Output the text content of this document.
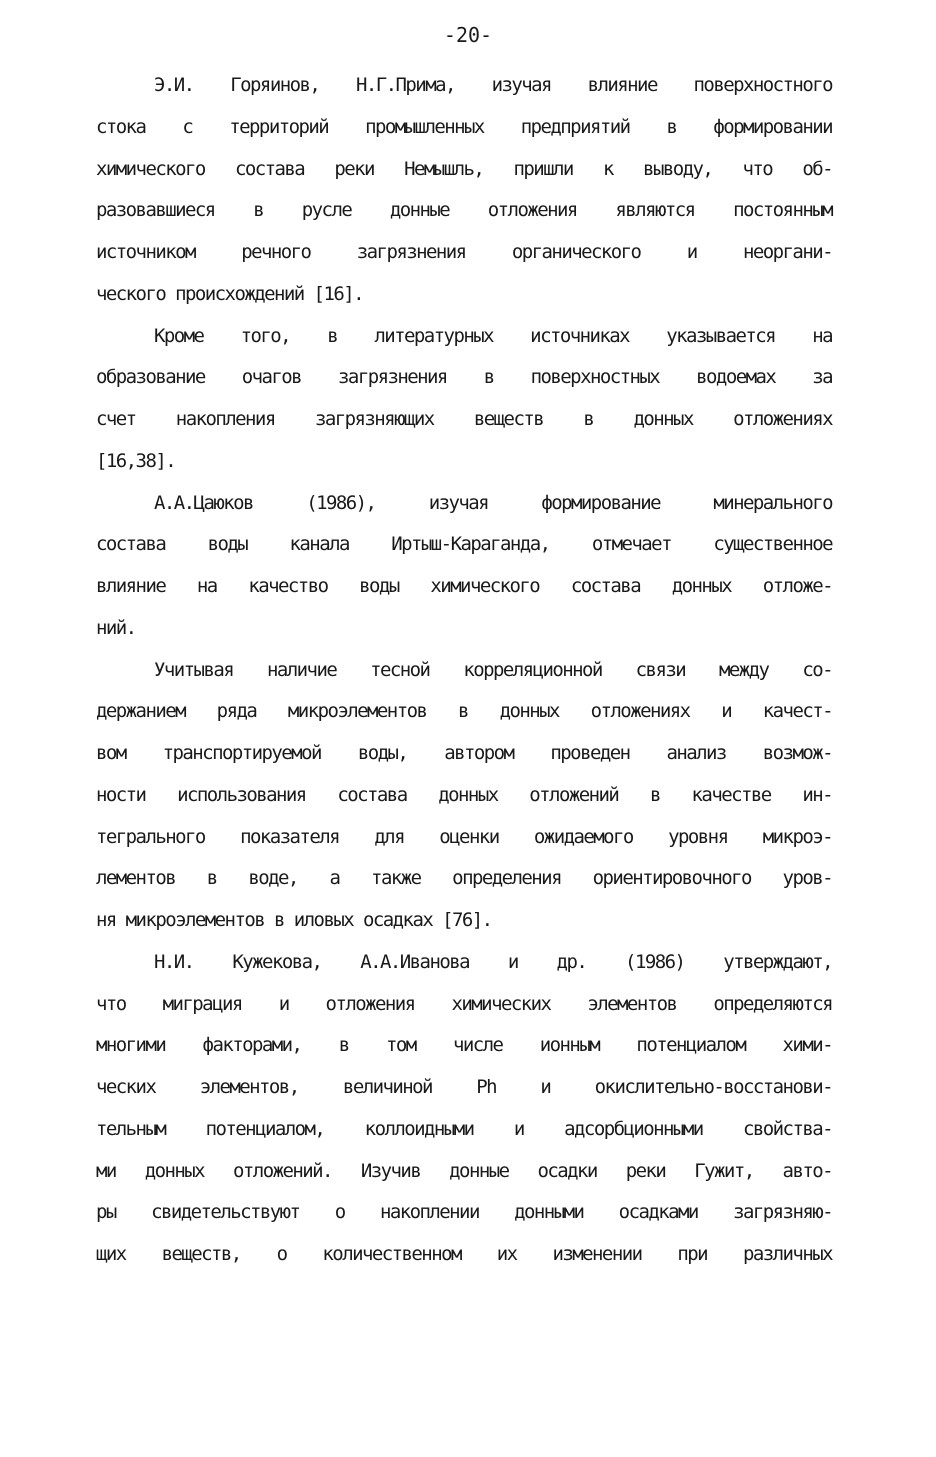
-20-
Э.И. Горяинов, Н.Г.Прима, изучая влияние поверхностного
стока с территорий промышленных предприятий в формировании
химического состава реки Немышль, пришли к выводу, что об-
разовавшиеся в русле донные отложения являются постоянным
источником речного загрязнения органического и неоргани-
ческого происхождений [16].
Кроме того, в литературных источниках указывается на
образование очагов загрязнения в поверхностных водоемах за
счет накопления загрязняющих веществ в донных отложениях
[16,38].
А.А.Цаюков (1986), изучая формирование минерального
состава воды канала Иртыш-Караганда, отмечает существенное
влияние на качество воды химического состава донных отложе-
ний.
Учитывая наличие тесной корреляционной связи между со-
держанием ряда микроэлементов в донных отложениях и качест-
вом транспортируемой воды, автором проведен анализ возмож-
ности использования состава донных отложений в качестве ин-
тегрального показателя для оценки ожидаемого уровня микроэ-
лементов в воде, а также определения ориентировочного уров-
ня микроэлементов в иловых осадках [76].
Н.И. Кужекова, А.А.Иванова и др. (1986) утверждают,
что миграция и отложения химических элементов определяются
многими факторами, в том числе ионным потенциалом хими-
ческих элементов, величиной Ph и окислительно-восстанови-
тельным потенциалом, коллоидными и адсорбционными свойства-
ми донных отложений. Изучив донные осадки реки Гужит, авто-
ры свидетельствуют о накоплении донными осадками загрязняю-
щих веществ, о количественном их изменении при различных
